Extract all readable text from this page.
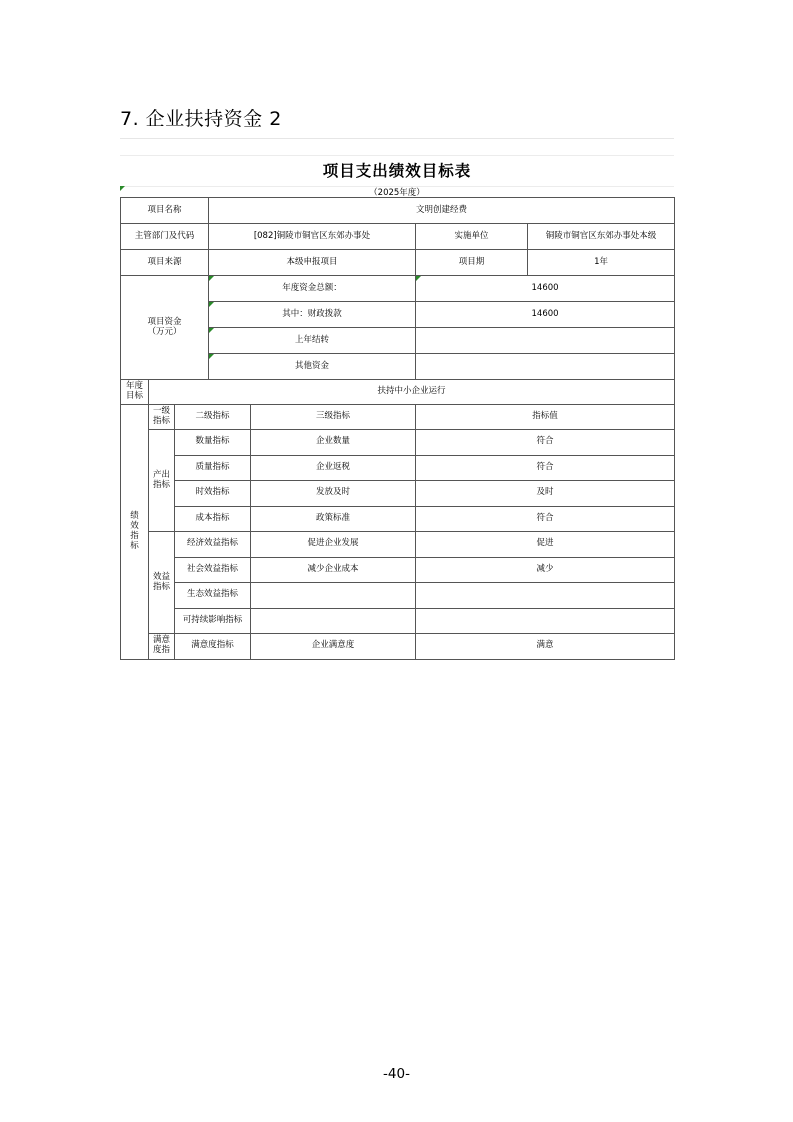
7. 企业扶持资金 2
项目支出绩效目标表
（2025年度）
项目名称			文明创建经费			
主管部门及代码			[082]铜陵市铜官区东郊办事处		实施单位	铜陵市铜官区东郊办事处本级
项目来源			本级申报项目		项目期	1年
项目资金（万元）			年度资金总额：		14600	

其中：财政拨款		14600	

上年结转			

其他资金			
年度目标	扶持中小企业运行					
绩效指标	一级指标	二级指标		三级指标	指标值	
	产出指标	数量指标		企业数量	符合	
		质量指标		企业返税	符合	
		时效指标		发放及时	及时	
		成本指标		政策标准	符合	
	效益指标	经济效益指标		促进企业发展	促进	
		社会效益指标		减少企业成本	减少	
		生态效益指标				
		可持续影响指标				
	满意度指	满意度指标		企业满意度	满意	
-40-
